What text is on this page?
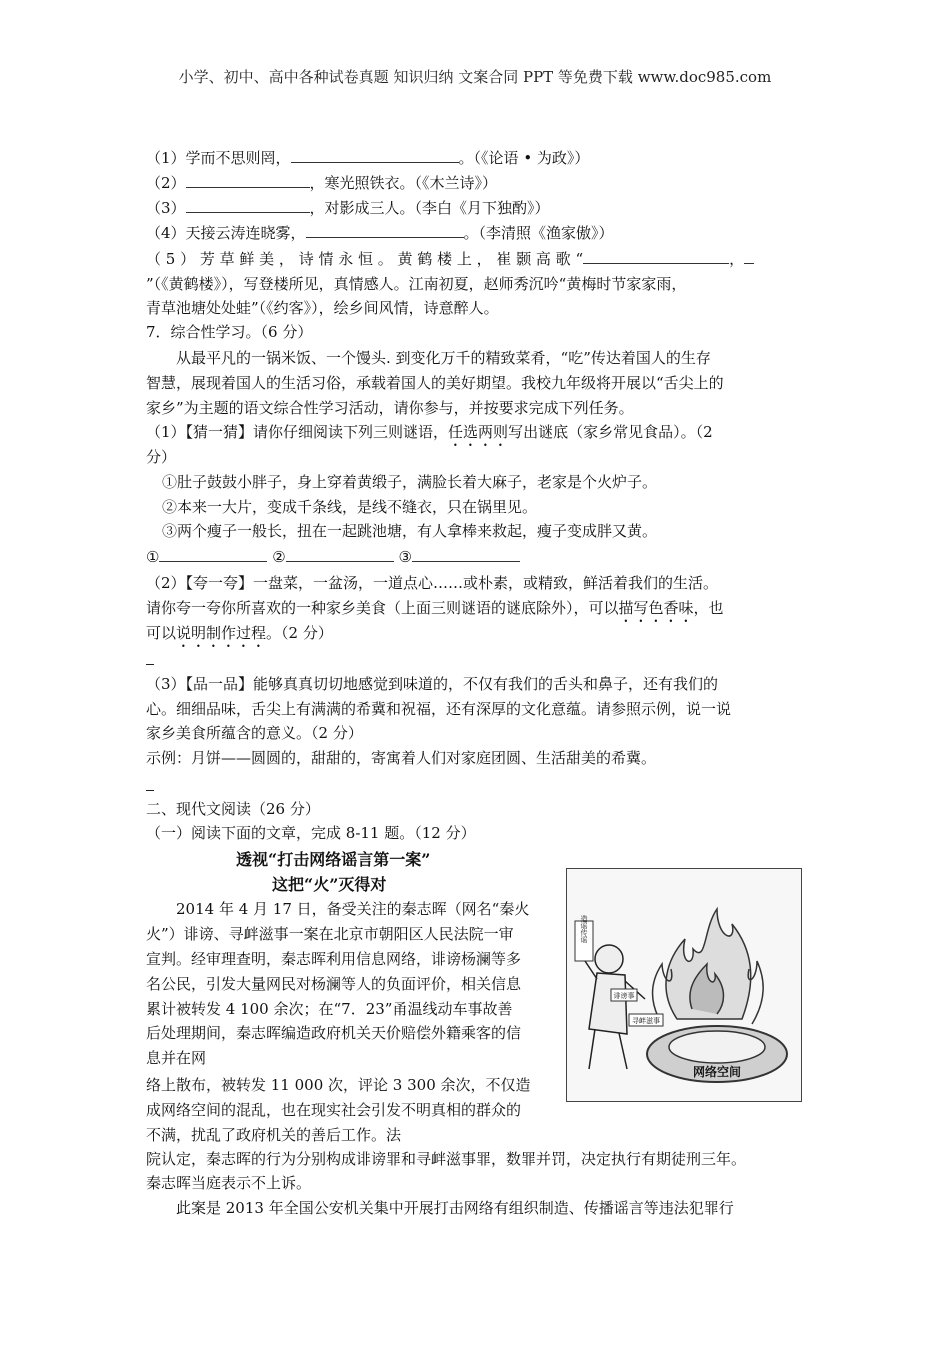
小学、初中、高中各种试卷真题 知识归纳 文案合同 PPT 等免费下载 www.doc985.com
（1）学而不思则罔，	。（《论语 • 为政》）
（2）	，寒光照铁衣。（《木兰诗》）
（3）	，对影成三人。（李白《月下独酌》）
（4）天接云涛连晓雾，	。（李清照《渔家傲》）
（ 5 ） 芳 草 鲜 美 ， 诗 情 永 恒 。 黄 鹤 楼 上 ， 崔 颢 高 歌 “	，
”（《黄鹤楼》），写登楼所见，真情感人。江南初夏，赵师秀沉吟“黄梅时节家家雨，
青草池塘处处蛙”（《约客》），绘乡间风情，诗意醉人。
7．综合性学习。（6 分）
从最平凡的一锅米饭、一个馒头. 到变化万千的精致菜肴，“吃”传达着国人的生存
智慧，展现着国人的生活习俗，承载着国人的美好期望。我校九年级将开展以“舌尖上的
家乡”为主题的语文综合性学习活动，请你参与，并按要求完成下列任务。
（1）【猜一猜】请你仔细阅读下列三则谜语，任选两则写出谜底（家乡常见食品）。（2
分）
①肚子鼓鼓小胖子，身上穿着黄缎子，满脸长着大麻子，老家是个火炉子。
②本来一大片，变成千条线，是线不缝衣，只在锅里见。
③两个瘦子一般长，扭在一起跳池塘，有人拿棒来救起，瘦子变成胖又黄。
①	②	③
（2）【夸一夸】一盘菜，一盆汤，一道点心……或朴素，或精致，鲜活着我们的生活。
请你夸一夸你所喜欢的一种家乡美食（上面三则谜语的谜底除外），可以描写色香味，也
可以说明制作过程。（2 分）
（3）【品一品】能够真真切切地感觉到味道的，不仅有我们的舌头和鼻子，还有我们的
心。细细品味，舌尖上有满满的希冀和祝福，还有深厚的文化意蕴。请参照示例，说一说
家乡美食所蕴含的意义。（2 分）
示例：月饼——圆圆的，甜甜的，寄寓着人们对家庭团圆、生活甜美的希冀。
二、现代文阅读（26 分）
（一）阅读下面的文章，完成 8-11 题。（12 分）
透视“打击网络谣言第一案”
这把“火”灭得对
2014 年 4 月 17 日，备受关注的秦志晖（网名“秦火
火”）诽谤、寻衅滋事一案在北京市朝阳区人民法院一审
宣判。经审理查明，秦志晖利用信息网络，诽谤杨澜等多
名公民，引发大量网民对杨澜等人的负面评价，相关信息
累计被转发 4 100 余次；在“7．23”甬温线动车事故善
后处理期间，秦志晖编造政府机关天价赔偿外籍乘客的信
息并在网
络上散布，被转发 11 000 次，评论 3 300 余次，不仅造
成网络空间的混乱，也在现实社会引发不明真相的群众的
不满，扰乱了政府机关的善后工作。法
院认定，秦志晖的行为分别构成诽谤罪和寻衅滋事罪，数罪并罚，决定执行有期徒刑三年。
秦志晖当庭表示不上诉。
此案是 2013 年全国公安机关集中开展打击网络有组织制造、传播谣言等违法犯罪行
网络空间
造谣传谣
诽谤事
寻衅滋事
